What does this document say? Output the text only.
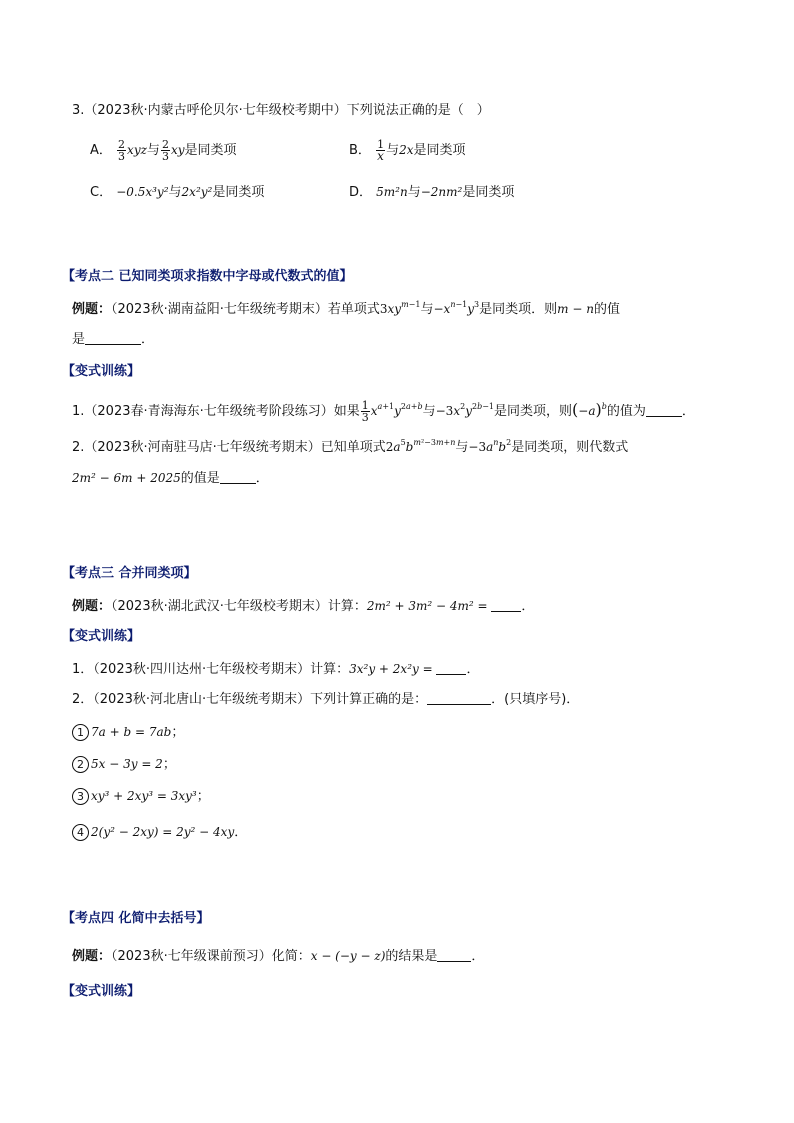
3.（2023秋·内蒙古呼伦贝尔·七年级校考期中）下列说法正确的是（　）
A． $\frac{2}{3}$ xyz与 $\frac{2}{3}$ xy是同类项	B． $\frac{1}{x}$ 与2x是同类项
C． −0.5x³y²与2x²y²是同类项	D． 5m²n与−2nm²是同类项
【考点二 已知同类项求指数中字母或代数式的值】
例题：（2023秋·湖南益阳·七年级统考期末）若单项式$3xy^{m-1}$与$-x^{n-1}y^3$是同类项．则m − n的值
是	．
【变式训练】
1.（2023春·青海海东·七年级统考阶段练习）如果 $\frac{1}{3} x^{a+1}y^{2a+b}$与$-3x^2y^{2b-1}$是同类项，则$(-a)^b$的值为	．
2.（2023秋·河南驻马店·七年级统考期末）已知单项式$2a^5b^{m^2-3m+n}$与$-3a^nb^2$是同类项，则代数式
2m² − 6m + 2025的值是	．
【考点三 合并同类项】
例题：（2023秋·湖北武汉·七年级校考期末）计算：2m² + 3m² − 4m² = ．
【变式训练】
1．（2023秋·四川达州·七年级校考期末）计算：3x²y + 2x²y = ．
2．（2023秋·河北唐山·七年级统考期末）下列计算正确的是：	．(只填序号)．
1 7a + b = 7ab；
2 5x − 3y = 2；
3 xy³ + 2xy³ = 3xy³；
4 2(y² − 2xy) = 2y² − 4xy．
【考点四 化简中去括号】
例题：（2023秋·七年级课前预习）化简：x − (−y − z)的结果是	．
【变式训练】
